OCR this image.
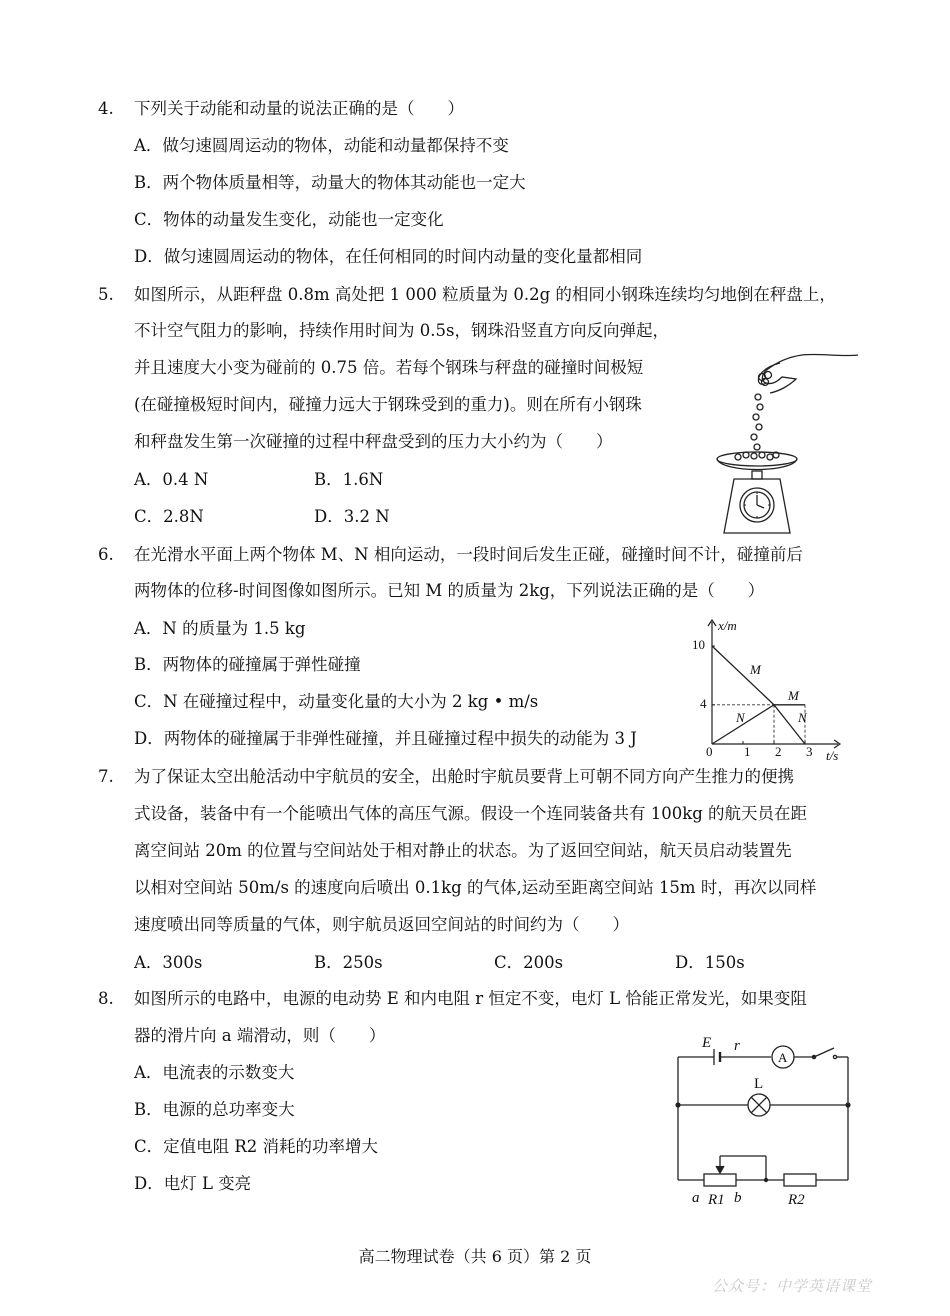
4. 下列关于动能和动量的说法正确的是（　　）
A．做匀速圆周运动的物体，动能和动量都保持不变
B．两个物体质量相等，动量大的物体其动能也一定大
C．物体的动量发生变化，动能也一定变化
D．做匀速圆周运动的物体，在任何相同的时间内动量的变化量都相同
5. 如图所示，从距秤盘 0.8m 高处把 1 000 粒质量为 0.2g 的相同小钢珠连续均匀地倒在秤盘上，
不计空气阻力的影响，持续作用时间为 0.5s，钢珠沿竖直方向反向弹起，
并且速度大小变为碰前的 0.75 倍。若每个钢珠与秤盘的碰撞时间极短
(在碰撞极短时间内，碰撞力远大于钢珠受到的重力)。则在所有小钢珠
和秤盘发生第一次碰撞的过程中秤盘受到的压力大小约为（　　）
A．0.4 N	B．1.6N
C．2.8N	D．3.2 N
6. 在光滑水平面上两个物体 M、N 相向运动，一段时间后发生正碰，碰撞时间不计，碰撞前后
两物体的位移-时间图像如图所示。已知 M 的质量为 2kg，下列说法正确的是（　　）
A．N 的质量为 1.5 kg
B．两物体的碰撞属于弹性碰撞
C．N 在碰撞过程中，动量变化量的大小为 2 kg • m/s
D．两物体的碰撞属于非弹性碰撞，并且碰撞过程中损失的动能为 3 J
x/m
t/s
10
4
0 1 2 3
M
N
M
N
7. 为了保证太空出舱活动中宇航员的安全，出舱时宇航员要背上可朝不同方向产生推力的便携
式设备，装备中有一个能喷出气体的高压气源。假设一个连同装备共有 100kg 的航天员在距
离空间站 20m 的位置与空间站处于相对静止的状态。为了返回空间站，航天员启动装置先
以相对空间站 50m/s 的速度向后喷出 0.1kg 的气体,运动至距离空间站 15m 时，再次以同样
速度喷出同等质量的气体，则宇航员返回空间站的时间约为（　　）
A．300s	B．250s	C．200s	D．150s
8. 如图所示的电路中，电源的电动势 E 和内电阻 r 恒定不变，电灯 L 恰能正常发光，如果变阻
器的滑片向 a 端滑动，则（　　）
A．电流表的示数变大
B．电源的总功率变大
C．定值电阻 R2 消耗的功率增大
D．电灯 L 变亮
E r
A
L
a R1 b	R2
高二物理试卷（共 6 页）第 2 页
公众号：中学英语课堂
